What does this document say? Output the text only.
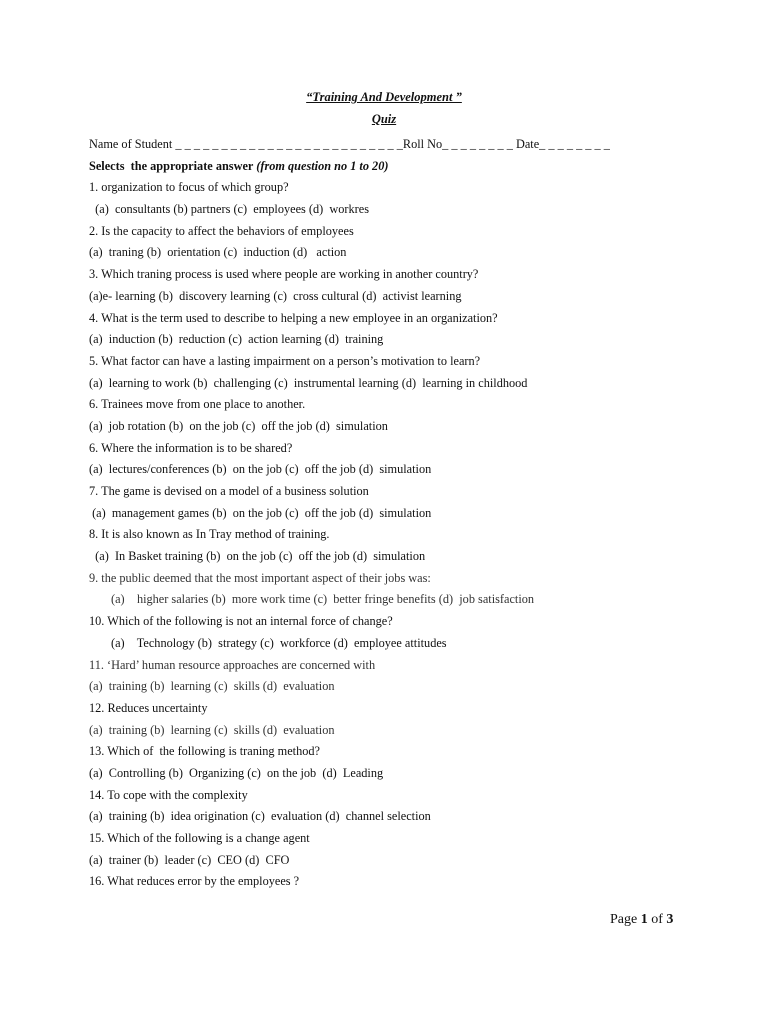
“Training And Development ”
Quiz
Name of Student _ _ _ _ _ _ _ _ _ _ _ _ _ _ _ _ _ _ _ _ _ _ _ _ _Roll No_ _ _ _ _ _ _ _ Date_ _ _ _ _ _ _ _
Selects  the appropriate answer (from question no 1 to 20)
1. organization to focus of which group?
(a)  consultants (b) partners (c)  employees (d)  workres
2. Is the capacity to affect the behaviors of employees
(a)  traning (b)  orientation (c)  induction (d)   action
3. Which traning process is used where people are working in another country?
(a)e- learning (b)  discovery learning (c)  cross cultural (d)  activist learning
4. What is the term used to describe to helping a new employee in an organization?
(a)  induction (b)  reduction (c)  action learning (d)  training
5. What factor can have a lasting impairment on a person’s motivation to learn?
(a)  learning to work (b)  challenging (c)  instrumental learning (d)  learning in childhood
6. Trainees move from one place to another.
(a)  job rotation (b)  on the job (c)  off the job (d)  simulation
6. Where the information is to be shared?
(a)  lectures/conferences (b)  on the job (c)  off the job (d)  simulation
7. The game is devised on a model of a business solution
(a)  management games (b)  on the job (c)  off the job (d)  simulation
8. It is also known as In Tray method of training.
(a)  In Basket training (b)  on the job (c)  off the job (d)  simulation
9. the public deemed that the most important aspect of their jobs was:
(a)    higher salaries (b)  more work time (c)  better fringe benefits (d)  job satisfaction
10. Which of the following is not an internal force of change?
(a)    Technology (b)  strategy (c)  workforce (d)  employee attitudes
11. ‘Hard’ human resource approaches are concerned with
(a)  training (b)  learning (c)  skills (d)  evaluation
12. Reduces uncertainty
(a)  training (b)  learning (c)  skills (d)  evaluation
13. Which of  the following is traning method?
(a)  Controlling (b)  Organizing (c)  on the job  (d)  Leading
14. To cope with the complexity
(a)  training (b)  idea origination (c)  evaluation (d)  channel selection
15. Which of the following is a change agent
(a)  trainer (b)  leader (c)  CEO (d)  CFO
16. What reduces error by the employees ?
Page 1 of 3
